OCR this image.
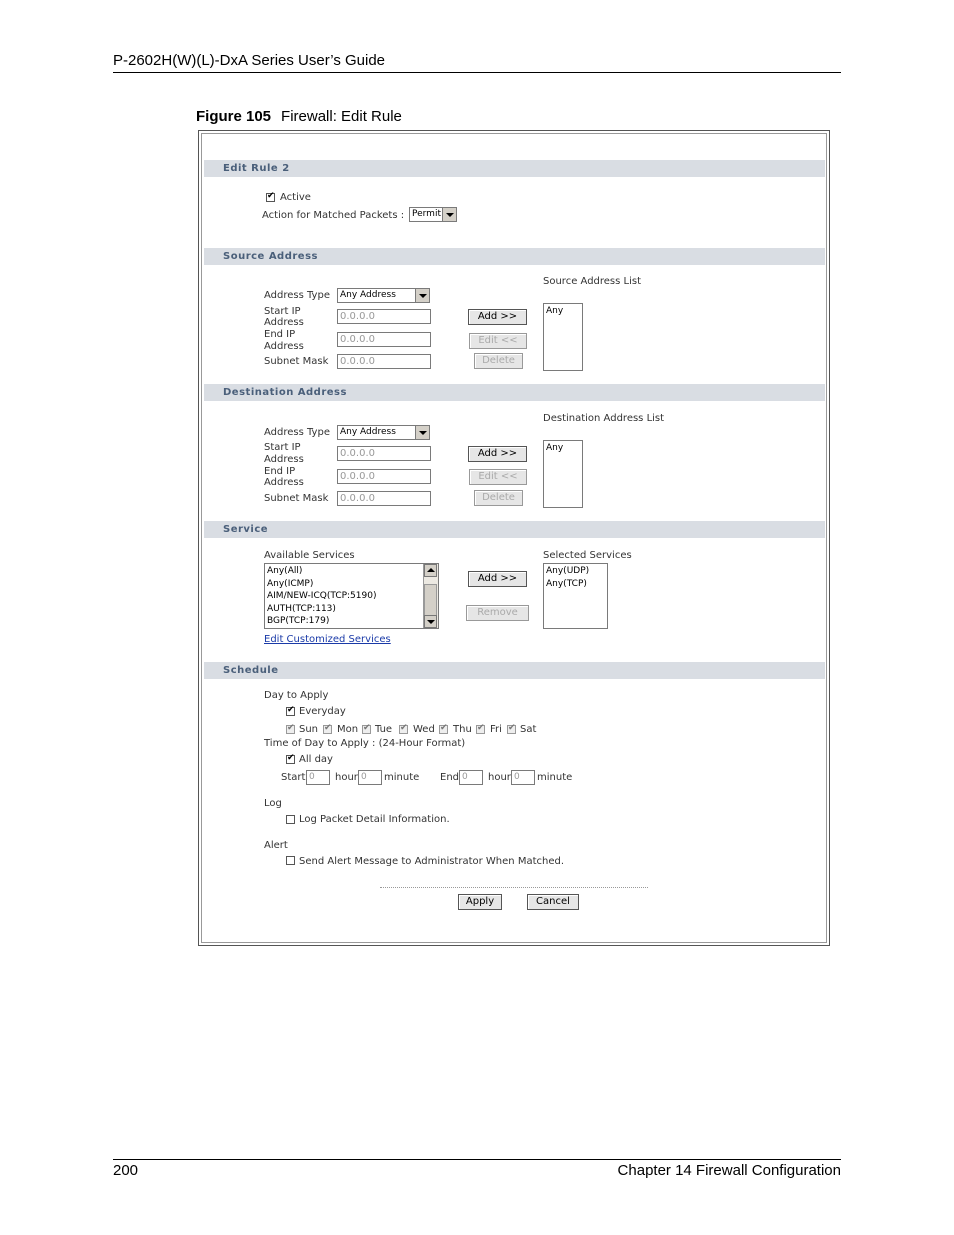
P-2602H(W)(L)-DxA Series User’s Guide
Figure 105 Firewall: Edit Rule
Edit Rule 2
✔
Active
Action for Matched Packets : Permit
Source Address
Source Address List
Address Type	Any Address
Start IP
Address
0.0.0.0	Add >>	Any
End IP
Address
0.0.0.0	Edit <<
Subnet Mask	0.0.0.0	Delete
Destination Address
Destination Address List
Address Type	Any Address
Start IP
Address
0.0.0.0	Add >>	Any
End IP
Address
0.0.0.0	Edit <<
Subnet Mask	0.0.0.0	Delete
Service
Available Services	Selected Services
Any(All)
Any(ICMP)
AIM/NEW-ICQ(TCP:5190)
AUTH(TCP:113)
BGP(TCP:179)
Add >>
Remove
Any(UDP)
Any(TCP)
Edit Customized Services
Schedule
Day to Apply
✔
Everyday
✔
Sun ✔ Mon ✔ Tue ✔ Wed ✔ Thu ✔ Fri ✔ Sat
Time of Day to Apply : (24-Hour Format)
✔
All day
Start 0	hour 0	minute End 0	hour 0	minute
Log
Log Packet Detail Information.
Alert
Send Alert Message to Administrator When Matched.
Apply	Cancel
200	Chapter 14 Firewall Configuration
